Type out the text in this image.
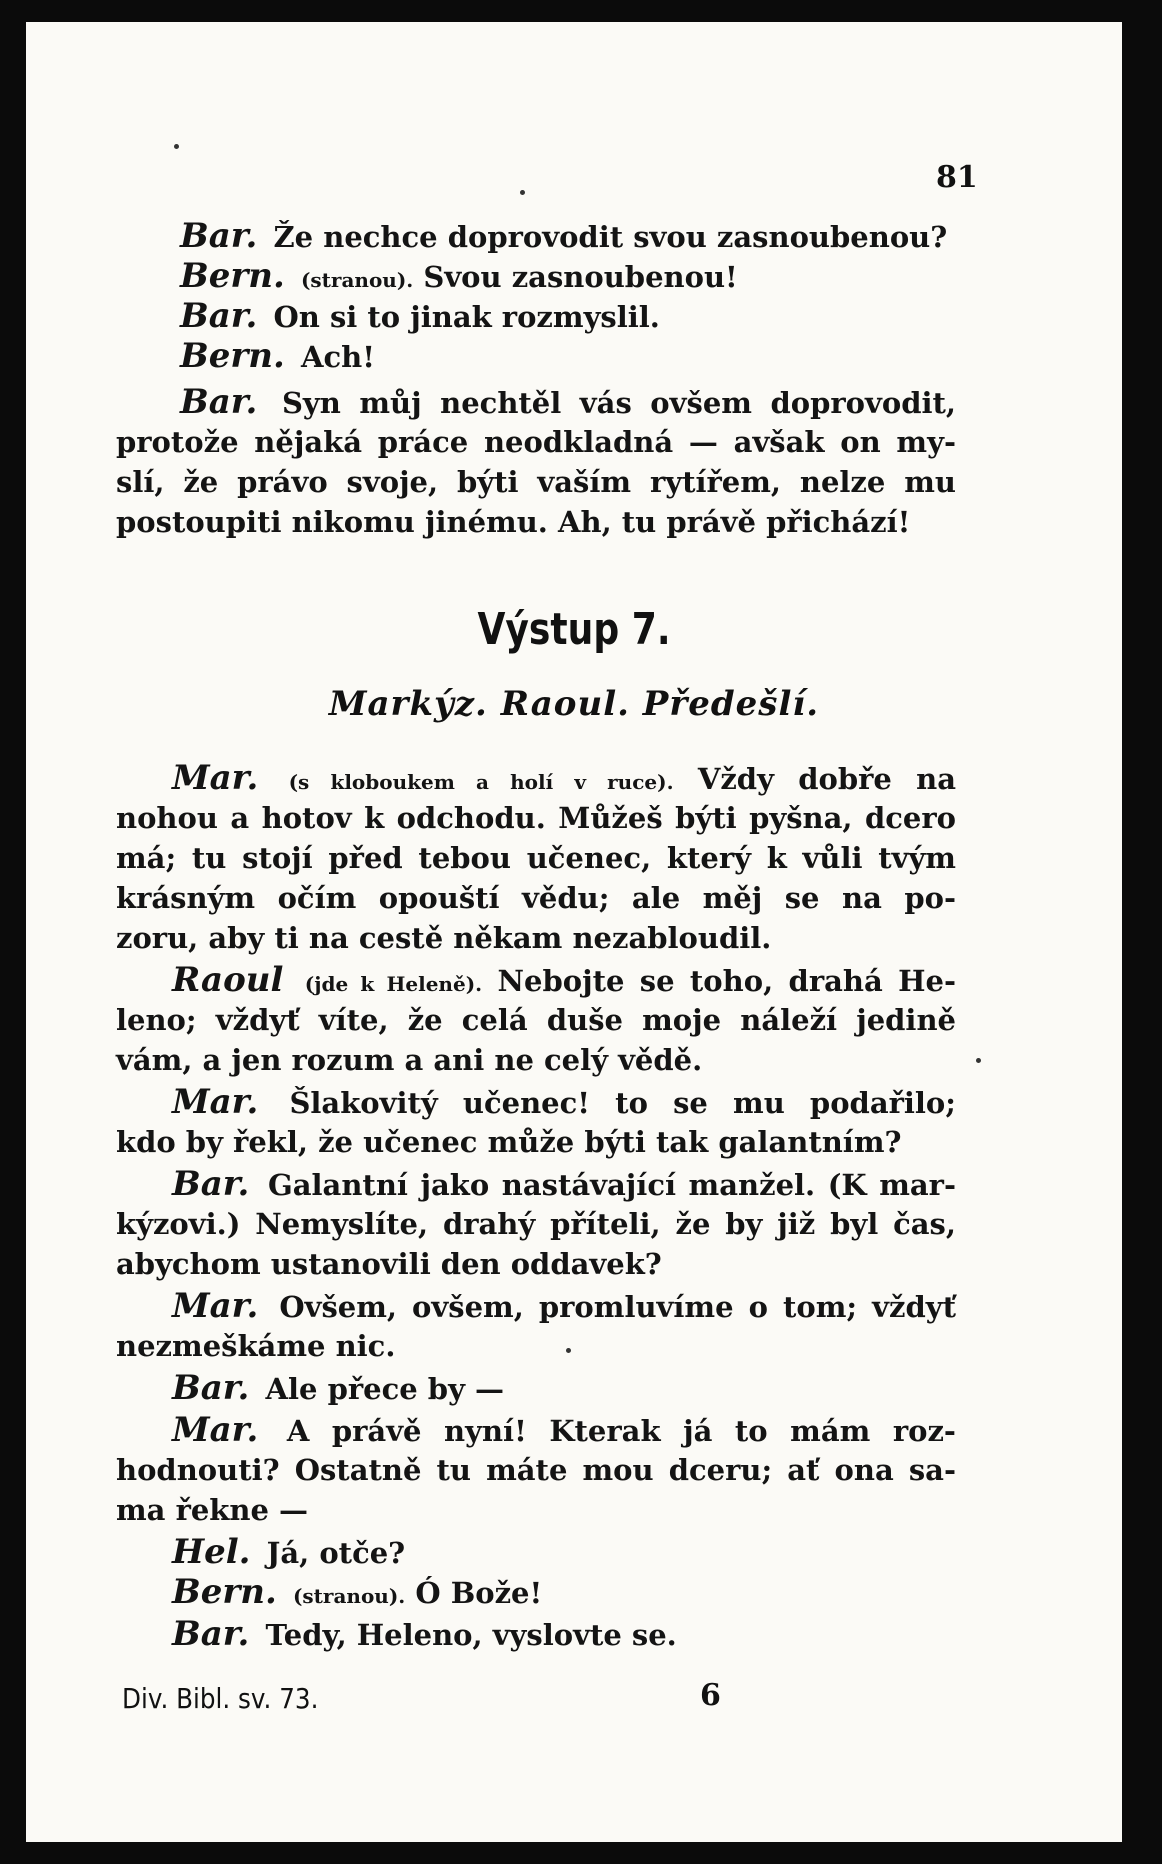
81
Bar. Že nechce doprovodit svou zasnoubenou?
Bern. (stranou). Svou zasnoubenou!
Bar. On si to jinak rozmyslil.
Bern. Ach!
Bar. Syn můj nechtěl vás ovšem doprovodit,
protože nějaká práce neodkladná — avšak on my-
slí, že právo svoje, býti vaším rytířem, nelze mu
postoupiti nikomu jinému. Ah, tu právě přichází!
Výstup 7.
Markýz. Raoul. Předešlí.
Mar. (s kloboukem a holí v ruce). Vždy dobře na
nohou a hotov k odchodu. Můžeš býti pyšna, dcero
má; tu stojí před tebou učenec, který k vůli tvým
krásným očím opouští vědu; ale měj se na po-
zoru, aby ti na cestě někam nezabloudil.
Raoul (jde k Heleně). Nebojte se toho, drahá He-
leno; vždyť víte, že celá duše moje náleží jedině
vám, a jen rozum a ani ne celý vědě.
Mar. Šlakovitý učenec! to se mu podařilo;
kdo by řekl, že učenec může býti tak galantním?
Bar. Galantní jako nastávající manžel. (K mar-
kýzovi.) Nemyslíte, drahý příteli, že by již byl čas,
abychom ustanovili den oddavek?
Mar. Ovšem, ovšem, promluvíme o tom; vždyť
nezmeškáme nic.
Bar. Ale přece by —
Mar. A právě nyní! Kterak já to mám roz-
hodnouti? Ostatně tu máte mou dceru; ať ona sa-
ma řekne —
Hel. Já, otče?
Bern. (stranou). Ó Bože!
Bar. Tedy, Heleno, vyslovte se.
Div. Bibl. sv. 73.	6
